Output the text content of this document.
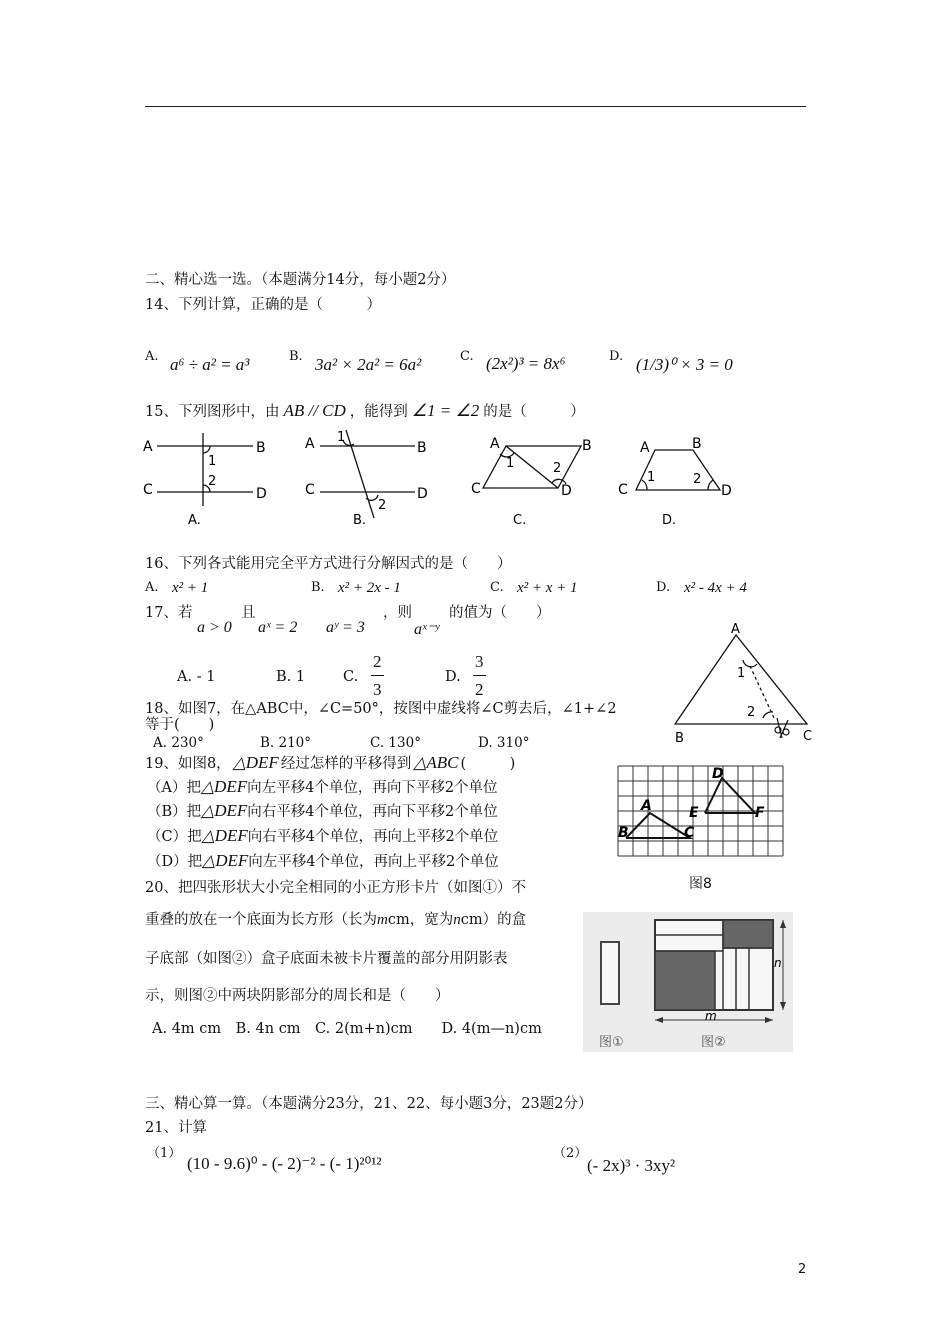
二、精心选一选。（本题满分14分，每小题2分）
14、下列计算，正确的是（　　　）
A. a⁶ ÷ a² = a³	B. 3a² × 2a² = 6a²	C. (2x²)³ = 8x⁶	D. (1/3)⁰ × 3 = 0
15、下列图形中，由 AB // CD ，能得到 ∠1 = ∠2 的是（　　　）
A	B
C	D
1
2
A.
A	B
C	D
1
2
B.
A	B
C	D
1	2
C.
A	B
C	D
1	2
D.
16、下列各式能用完全平方式进行分解因式的是（　　）
A. x² + 1	B. x² + 2x - 1	C. x² + x + 1	D. x² - 4x + 4
17、若
a > 0
且
aˣ = 2 aʸ = 3
，则
aˣ⁻ʸ
的值为（　　）
A. - 1	B. 1	C.
2
3
D.
3
2
A
B	C
1
2
18、如图7，在△ABC中，∠C=50°，按图中虚线将∠C剪去后，∠1+∠2
等于(　　)
A. 230°	B. 210°	C. 130°	D. 310°
19、如图8， △DEF 经过怎样的平移得到 △ABC (　　　)
（A）把△DEF向左平移4个单位，再向下平移2个单位
（B）把△DEF向右平移4个单位，再向下平移2个单位
（C）把△DEF向右平移4个单位，再向上平移2个单位
（D）把△DEF向左平移4个单位，再向上平移2个单位
A
B	C
D
E	F
图8
20、把四张形状大小完全相同的小正方形卡片（如图①）不
重叠的放在一个底面为长方形（长为mcm，宽为ncm）的盒
子底部（如图②）盒子底面未被卡片覆盖的部分用阴影表
示，则图②中两块阴影部分的周长和是（　　）
A. 4m cm　B. 4n cm　C. 2(m+n)cm　　D. 4(m—n)cm
m
n
图①	图②
三、精心算一算。（本题满分23分，21、22、每小题3分，23题2分）
21、计算
（1）
(10 - 9.6)⁰ - (- 2)⁻² - (- 1)²⁰¹²
（2）
(- 2x)³ · 3xy²
2
